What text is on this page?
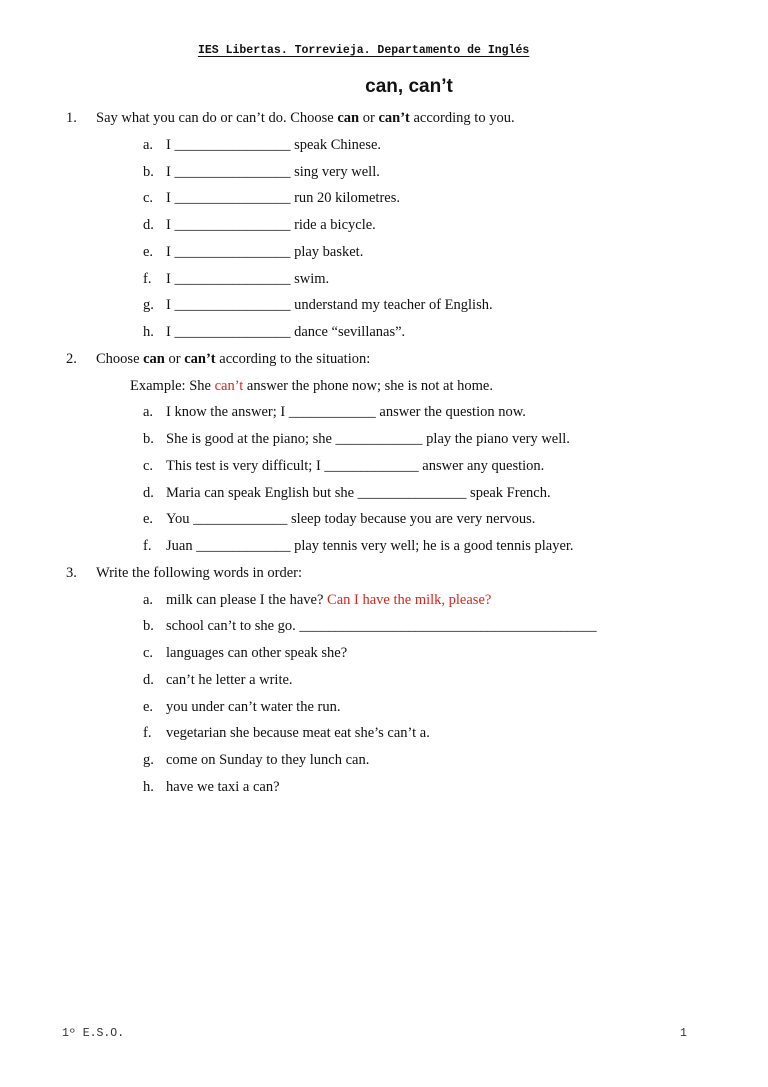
IES Libertas. Torrevieja. Departamento de Inglés
can, can’t
1. Say what you can do or can’t do. Choose can or can’t according to you.
a. I ________________ speak Chinese.
b. I ________________ sing very well.
c. I ________________ run 20 kilometres.
d. I ________________ ride a bicycle.
e. I ________________ play basket.
f. I ________________ swim.
g. I ________________ understand my teacher of English.
h. I ________________ dance “sevillanas”.
2. Choose can or can’t according to the situation:
Example: She can’t answer the phone now; she is not at home.
a. I know the answer; I ____________ answer the question now.
b. She is good at the piano; she ____________ play the piano very well.
c. This test is very difficult; I _____________ answer any question.
d. Maria can speak English but she _______________ speak French.
e. You _____________ sleep today because you are very nervous.
f. Juan _____________ play tennis very well; he is a good tennis player.
3. Write the following words in order:
a. milk can please I the have? Can I have the milk, please?
b. school can’t to she go. _________________________________________
c. languages can other speak she?
d. can’t he letter a write.
e. you under can’t water the run.
f. vegetarian she because meat eat she’s can’t a.
g. come on Sunday to they lunch can.
h. have we taxi a can?
1º E.S.O.	1
